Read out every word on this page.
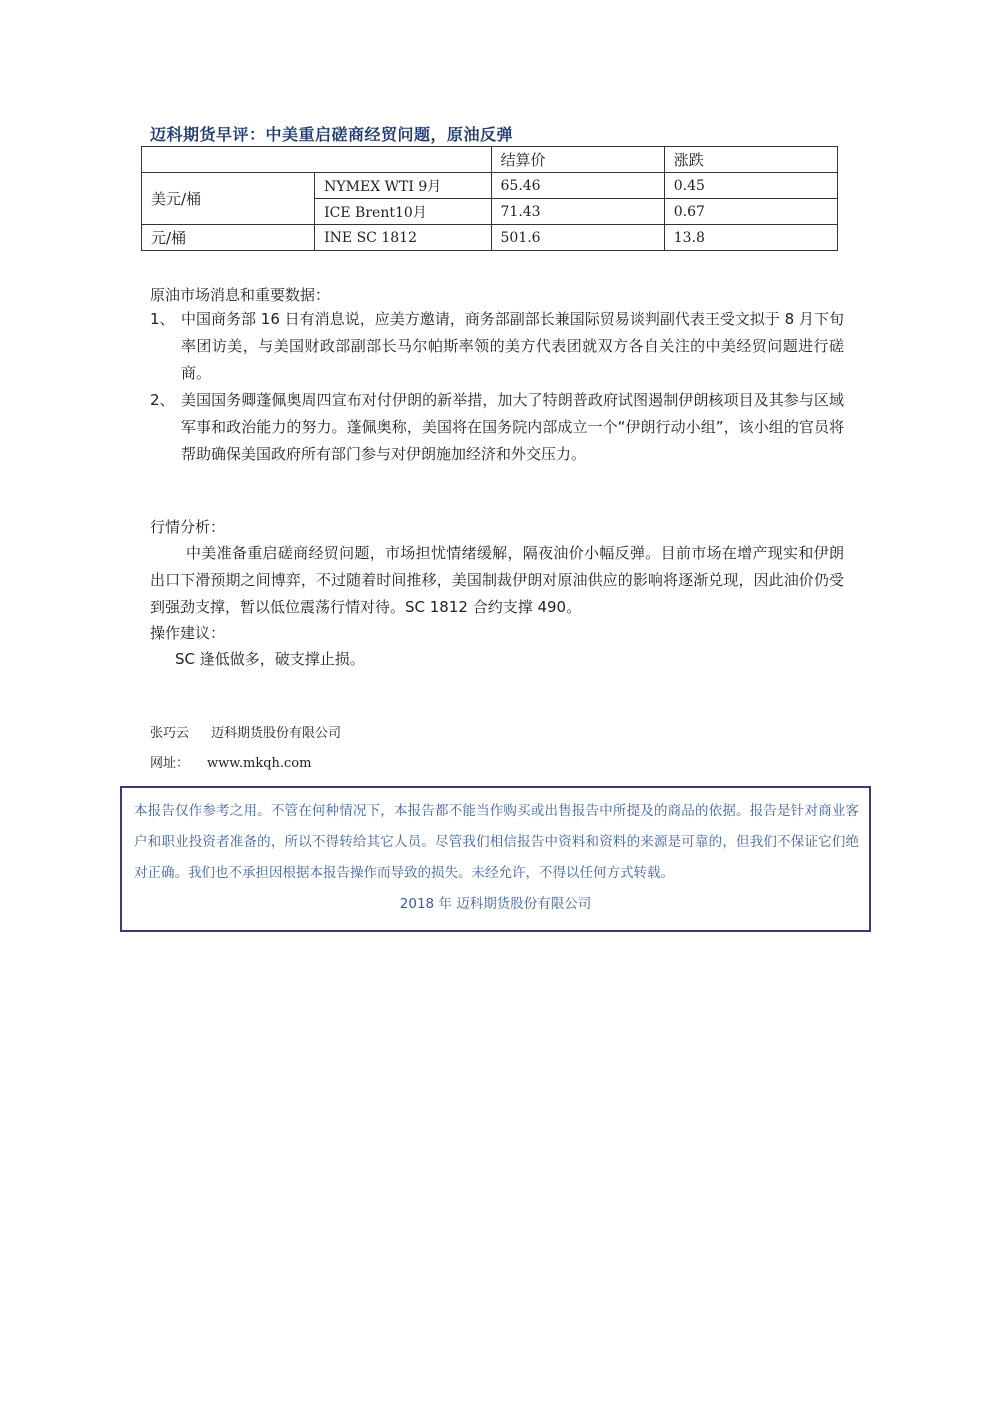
迈科期货早评：中美重启磋商经贸问题，原油反弹
		结算价	涨跌
美元/桶	NYMEX WTI 9月	65.46	0.45
	ICE Brent10月	71.43	0.67
元/桶	INE SC 1812	501.6	13.8
原油市场消息和重要数据：
1、 中国商务部 16 日有消息说，应美方邀请，商务部副部长兼国际贸易谈判副代表王受文拟于 8 月下旬率团访美，与美国财政部副部长马尔帕斯率领的美方代表团就双方各自关注的中美经贸问题进行磋商。
2、 美国国务卿蓬佩奥周四宣布对付伊朗的新举措，加大了特朗普政府试图遏制伊朗核项目及其参与区域军事和政治能力的努力。蓬佩奥称，美国将在国务院内部成立一个“伊朗行动小组”，该小组的官员将帮助确保美国政府所有部门参与对伊朗施加经济和外交压力。
行情分析：
中美准备重启磋商经贸问题，市场担忧情绪缓解，隔夜油价小幅反弹。目前市场在增产现实和伊朗出口下滑预期之间博弈，不过随着时间推移，美国制裁伊朗对原油供应的影响将逐渐兑现，因此油价仍受到强劲支撑，暂以低位震荡行情对待。SC 1812 合约支撑 490。
操作建议：
SC 逢低做多，破支撑止损。
张巧云 迈科期货股份有限公司
网址： www.mkqh.com

本报告仅作参考之用。不管在何种情况下，本报告都不能当作购买或出售报告中所提及的商品的依据。报告是针对商业客户和职业投资者准备的，所以不得转给其它人员。尽管我们相信报告中资料和资料的来源是可靠的，但我们不保证它们绝对正确。我们也不承担因根据本报告操作而导致的损失。未经允许，不得以任何方式转载。

2018 年 迈科期货股份有限公司
